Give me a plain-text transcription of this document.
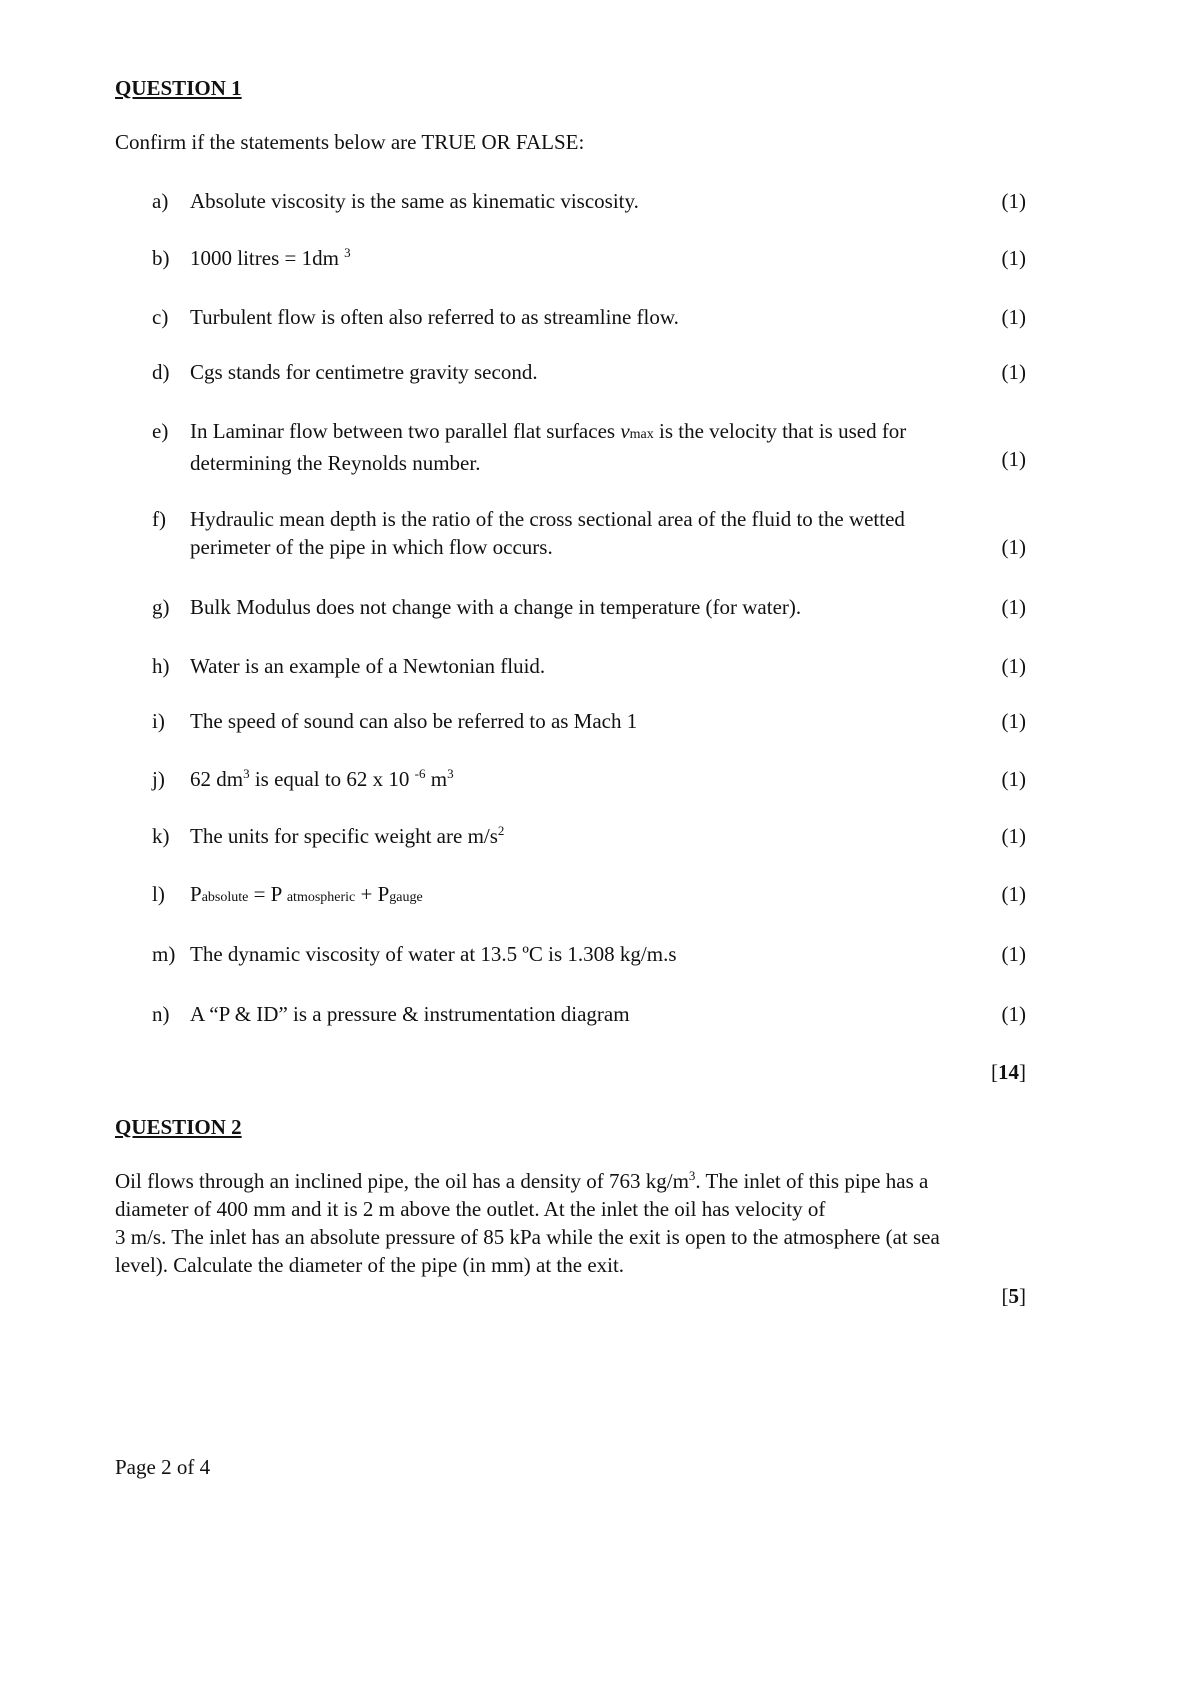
QUESTION 1
Confirm if the statements below are TRUE OR FALSE:
a)	Absolute viscosity is the same as kinematic viscosity.	(1)
b) 1000 litres = 1dm $^3$	(1)
c)	Turbulent flow is often also referred to as streamline flow.	(1)
d) Cgs stands for centimetre gravity second.	(1)
e)	In Laminar flow between two parallel flat surfaces vmax is the velocity that is used for
determining the Reynolds number.	(1)
f)	Hydraulic mean depth is the ratio of the cross sectional area of the fluid to the wetted
perimeter of the pipe in which flow occurs.	(1)
g) Bulk Modulus does not change with a change in temperature (for water).	(1)
h) Water is an example of a Newtonian fluid.	(1)
i)	The speed of sound can also be referred to as Mach 1	(1)
j)	62 $dm^3$ is equal to 62 x 10 $^{-6}$ $m^3$	(1)
k) The units for specific weight are $m/s^2$	(1)
l)	Pabsolute = P atmospheric + Pgauge	(1)
m) The dynamic viscosity of water at 13.5 ºC is 1.308 kg/m.s	(1)
n) A “P & ID” is a pressure & instrumentation diagram	(1)
[14]
QUESTION 2
Oil flows through an inclined pipe, the oil has a density of 763 $kg/m^3$. The inlet of this pipe has a
diameter of 400 mm and it is 2 m above the outlet. At the inlet the oil has velocity of
3 m/s. The inlet has an absolute pressure of 85 kPa while the exit is open to the atmosphere (at sea
level). Calculate the diameter of the pipe (in mm) at the exit.
[5]
Page 2 of 4
